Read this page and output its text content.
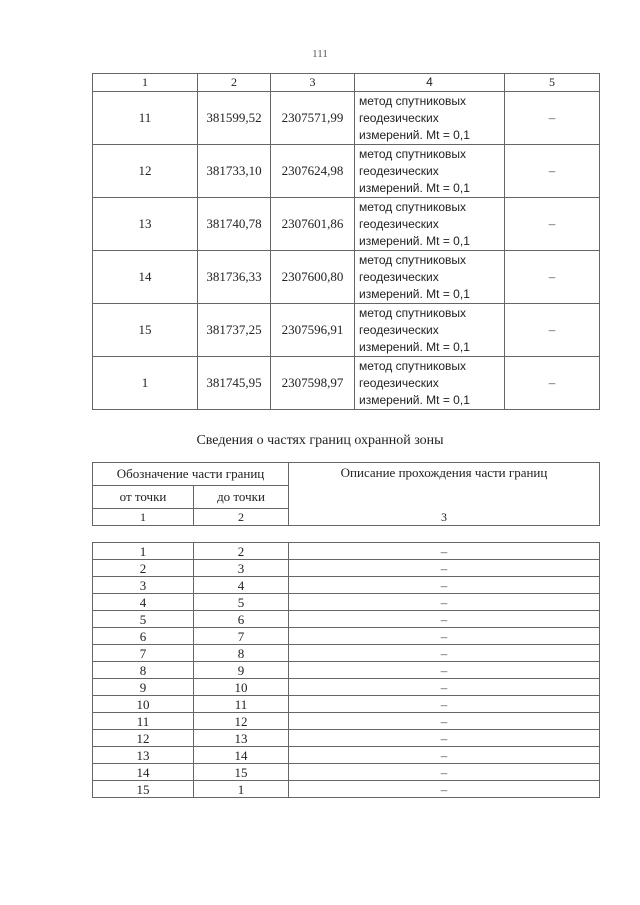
111
1	2	3	4	5
11	381599,52	2307571,99	метод спутниковых
геодезических
измерений. Mt = 0,1	–
12	381733,10	2307624,98	метод спутниковых
геодезических
измерений. Mt = 0,1	–
13	381740,78	2307601,86	метод спутниковых
геодезических
измерений. Mt = 0,1	–
14	381736,33	2307600,80	метод спутниковых
геодезических
измерений. Mt = 0,1	–
15	381737,25	2307596,91	метод спутниковых
геодезических
измерений. Mt = 0,1	–
1	381745,95	2307598,97	метод спутниковых
геодезических
измерений. Mt = 0,1	–
Сведения о частях границ охранной зоны
Обозначение части границ		Описание прохождения части границ
от точки	до точки	
1	2	3

1	2	–
2	3	–
3	4	–
4	5	–
5	6	–
6	7	–
7	8	–
8	9	–
9	10	–
10	11	–
11	12	–
12	13	–
13	14	–
14	15	–
15	1	–
